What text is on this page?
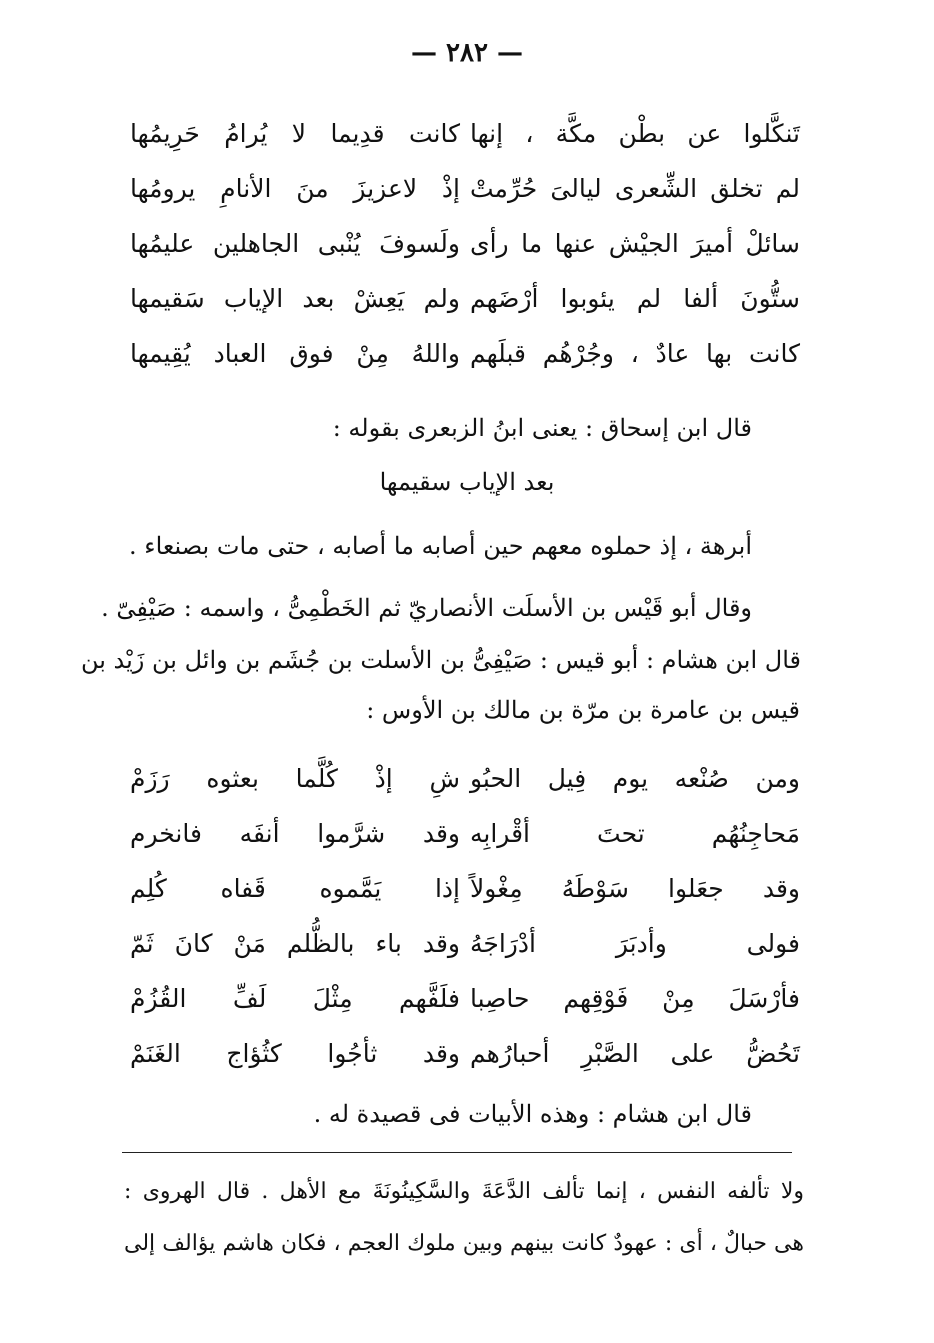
— ٢٨٢ —
تَنكَّلوا عن بطْن مكَّة ، إنها
كانت قدِيما لا يُرامُ حَرِيمُها
لم تخلق الشِّعرى ليالىَ حُرِّمتْ
إذْ لاعزيزَ منَ الأنامِ يرومُها
سائلْ أميرَ الجيْش عنها ما رأى
ولَسوفَ يُنْبى الجاهلين عليمُها
ستُّونَ ألفا لم يئوبوا أرْضَهم
ولم يَعِشْ بعد الإياب سَقيمها
كانت بها عادٌ ، وجُرْهُم قبلَهم
واللهُ مِنْ فوق العباد يُقِيمها
قال ابن إسحاق : يعنى ابنُ الزبعرى بقوله :
بعد الإياب سقيمها
أبرهة ، إذ حملوه معهم حين أصابه ما أصابه ، حتى مات بصنعاء .
وقال أبو قَيْس بن الأسلَت الأنصاريّ ثم الخَطْمِىُّ ، واسمه : صَيْفِىّ .
قال ابن هشام : أبو قيس : صَيْفِىُّ بن الأسلت بن جُشَم بن وائل بن زَيْد بن
قيس بن عامرة بن مرّة بن مالك بن الأوس :
ومن صُنْعه يوم فِيل الحبُو
شِ إذْ كُلَّما بعثوه رَزَمْ
مَحاجِنُهُم تحتَ أقْرابِه
وقد شرَّموا أنفَه فانخرم
وقد جعَلوا سَوْطَهُ مِغْولاً
إذا يَمَّموه قَفاه كُلِم
فولى وأدبَرَ أدْرَاجَهُ
وقد باء بالظُّلم مَنْ كانَ ثَمّ
فأرْسَلَ مِنْ فَوْقِهم حاصِبا
فلَفَّهم مِثْلَ لَفِّ القُزُمْ
تَحُضُّ على الصَّبْرِ أحبارُهم
وقد ثأجُوا كثُؤاج الغَنَمْ
قال ابن هشام : وهذه الأبيات فى قصيدة له .
ولا تألفه النفس ، إنما تألف الدَّعَةَ والسَّكِينُونَةَ مع الأهل . قال الهروى :
هى حبالٌ ، أى : عهودٌ كانت بينهم وبين ملوك العجم ، فكان هاشم يؤالف إلى
